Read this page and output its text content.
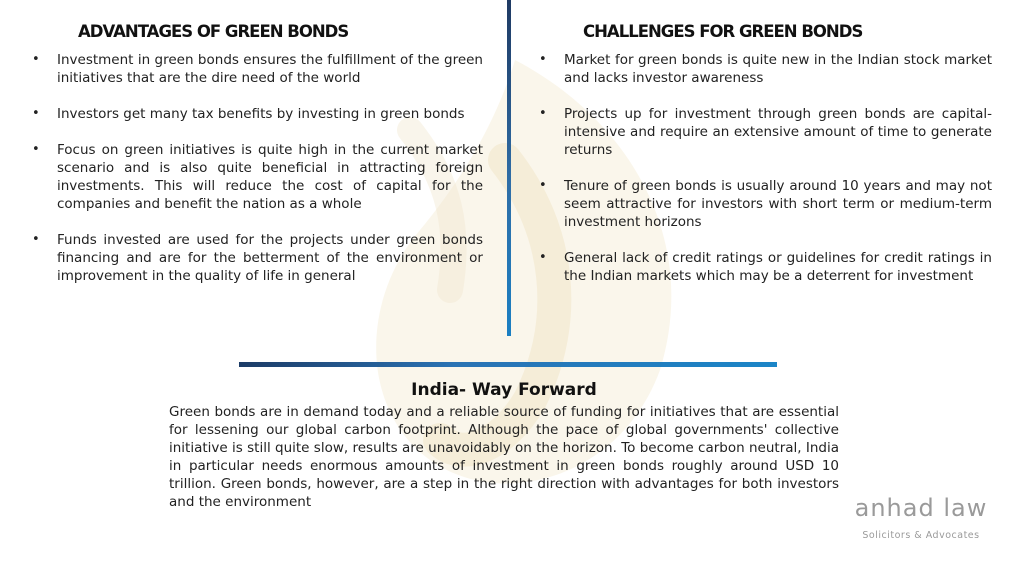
ADVANTAGES OF GREEN BONDS
• Investment in green bonds ensures the fulfillment of the green initiatives that are the dire need of the world
• Investors get many tax benefits by investing in green bonds
• Focus on green initiatives is quite high in the current market scenario and is also quite beneficial in attracting foreign investments. This will reduce the cost of capital for the companies and benefit the nation as a whole
• Funds invested are used for the projects under green bonds financing and are for the betterment of the environment or improvement in the quality of life in general
CHALLENGES FOR GREEN BONDS
• Market for green bonds is quite new in the Indian stock market and lacks investor awareness
• Projects up for investment through green bonds are capital-intensive and require an extensive amount of time to generate returns
• Tenure of green bonds is usually around 10 years and may not seem attractive for investors with short term or medium-term investment horizons
• General lack of credit ratings or guidelines for credit ratings in the Indian markets which may be a deterrent for investment
India- Way Forward

Green bonds are in demand today and a reliable source of funding for initiatives that are essential for lessening our global carbon footprint. Although the pace of global governments' collective initiative is still quite slow, results are unavoidably on the horizon. To become carbon neutral, India in particular needs enormous amounts of investment in green bonds roughly around USD 10 trillion. Green bonds, however, are a step in the right direction with advantages for both investors and the environment	anhad law
Solicitors & Advocates
